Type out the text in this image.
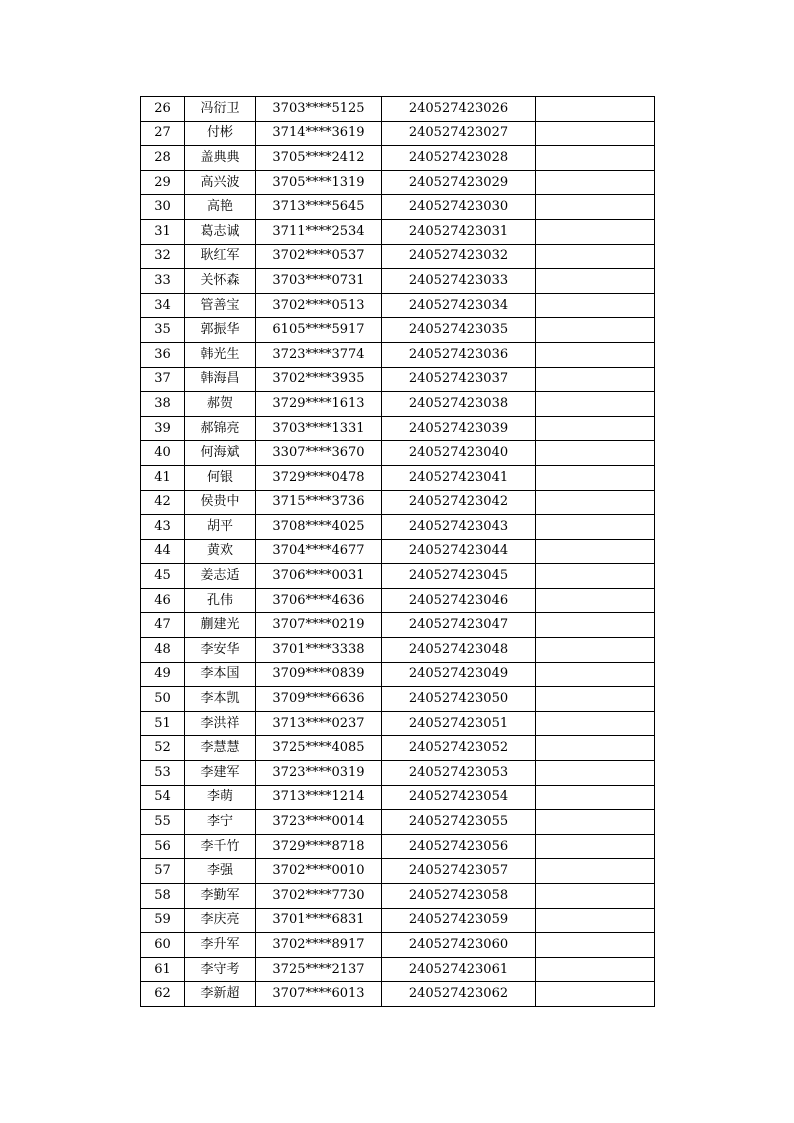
26	冯衍卫	3703****5125	240527423026	
27	付彬	3714****3619	240527423027	
28	盖典典	3705****2412	240527423028	
29	高兴波	3705****1319	240527423029	
30	高艳	3713****5645	240527423030	
31	葛志诚	3711****2534	240527423031	
32	耿红军	3702****0537	240527423032	
33	关怀森	3703****0731	240527423033	
34	管善宝	3702****0513	240527423034	
35	郭振华	6105****5917	240527423035	
36	韩光生	3723****3774	240527423036	
37	韩海昌	3702****3935	240527423037	
38	郝贺	3729****1613	240527423038	
39	郝锦亮	3703****1331	240527423039	
40	何海斌	3307****3670	240527423040	
41	何银	3729****0478	240527423041	
42	侯贵中	3715****3736	240527423042	
43	胡平	3708****4025	240527423043	
44	黄欢	3704****4677	240527423044	
45	姜志适	3706****0031	240527423045	
46	孔伟	3706****4636	240527423046	
47	蒯建光	3707****0219	240527423047	
48	李安华	3701****3338	240527423048	
49	李本国	3709****0839	240527423049	
50	李本凯	3709****6636	240527423050	
51	李洪祥	3713****0237	240527423051	
52	李慧慧	3725****4085	240527423052	
53	李建军	3723****0319	240527423053	
54	李萌	3713****1214	240527423054	
55	李宁	3723****0014	240527423055	
56	李千竹	3729****8718	240527423056	
57	李强	3702****0010	240527423057	
58	李勤军	3702****7730	240527423058	
59	李庆亮	3701****6831	240527423059	
60	李升军	3702****8917	240527423060	
61	李守考	3725****2137	240527423061	
62	李新超	3707****6013	240527423062	
